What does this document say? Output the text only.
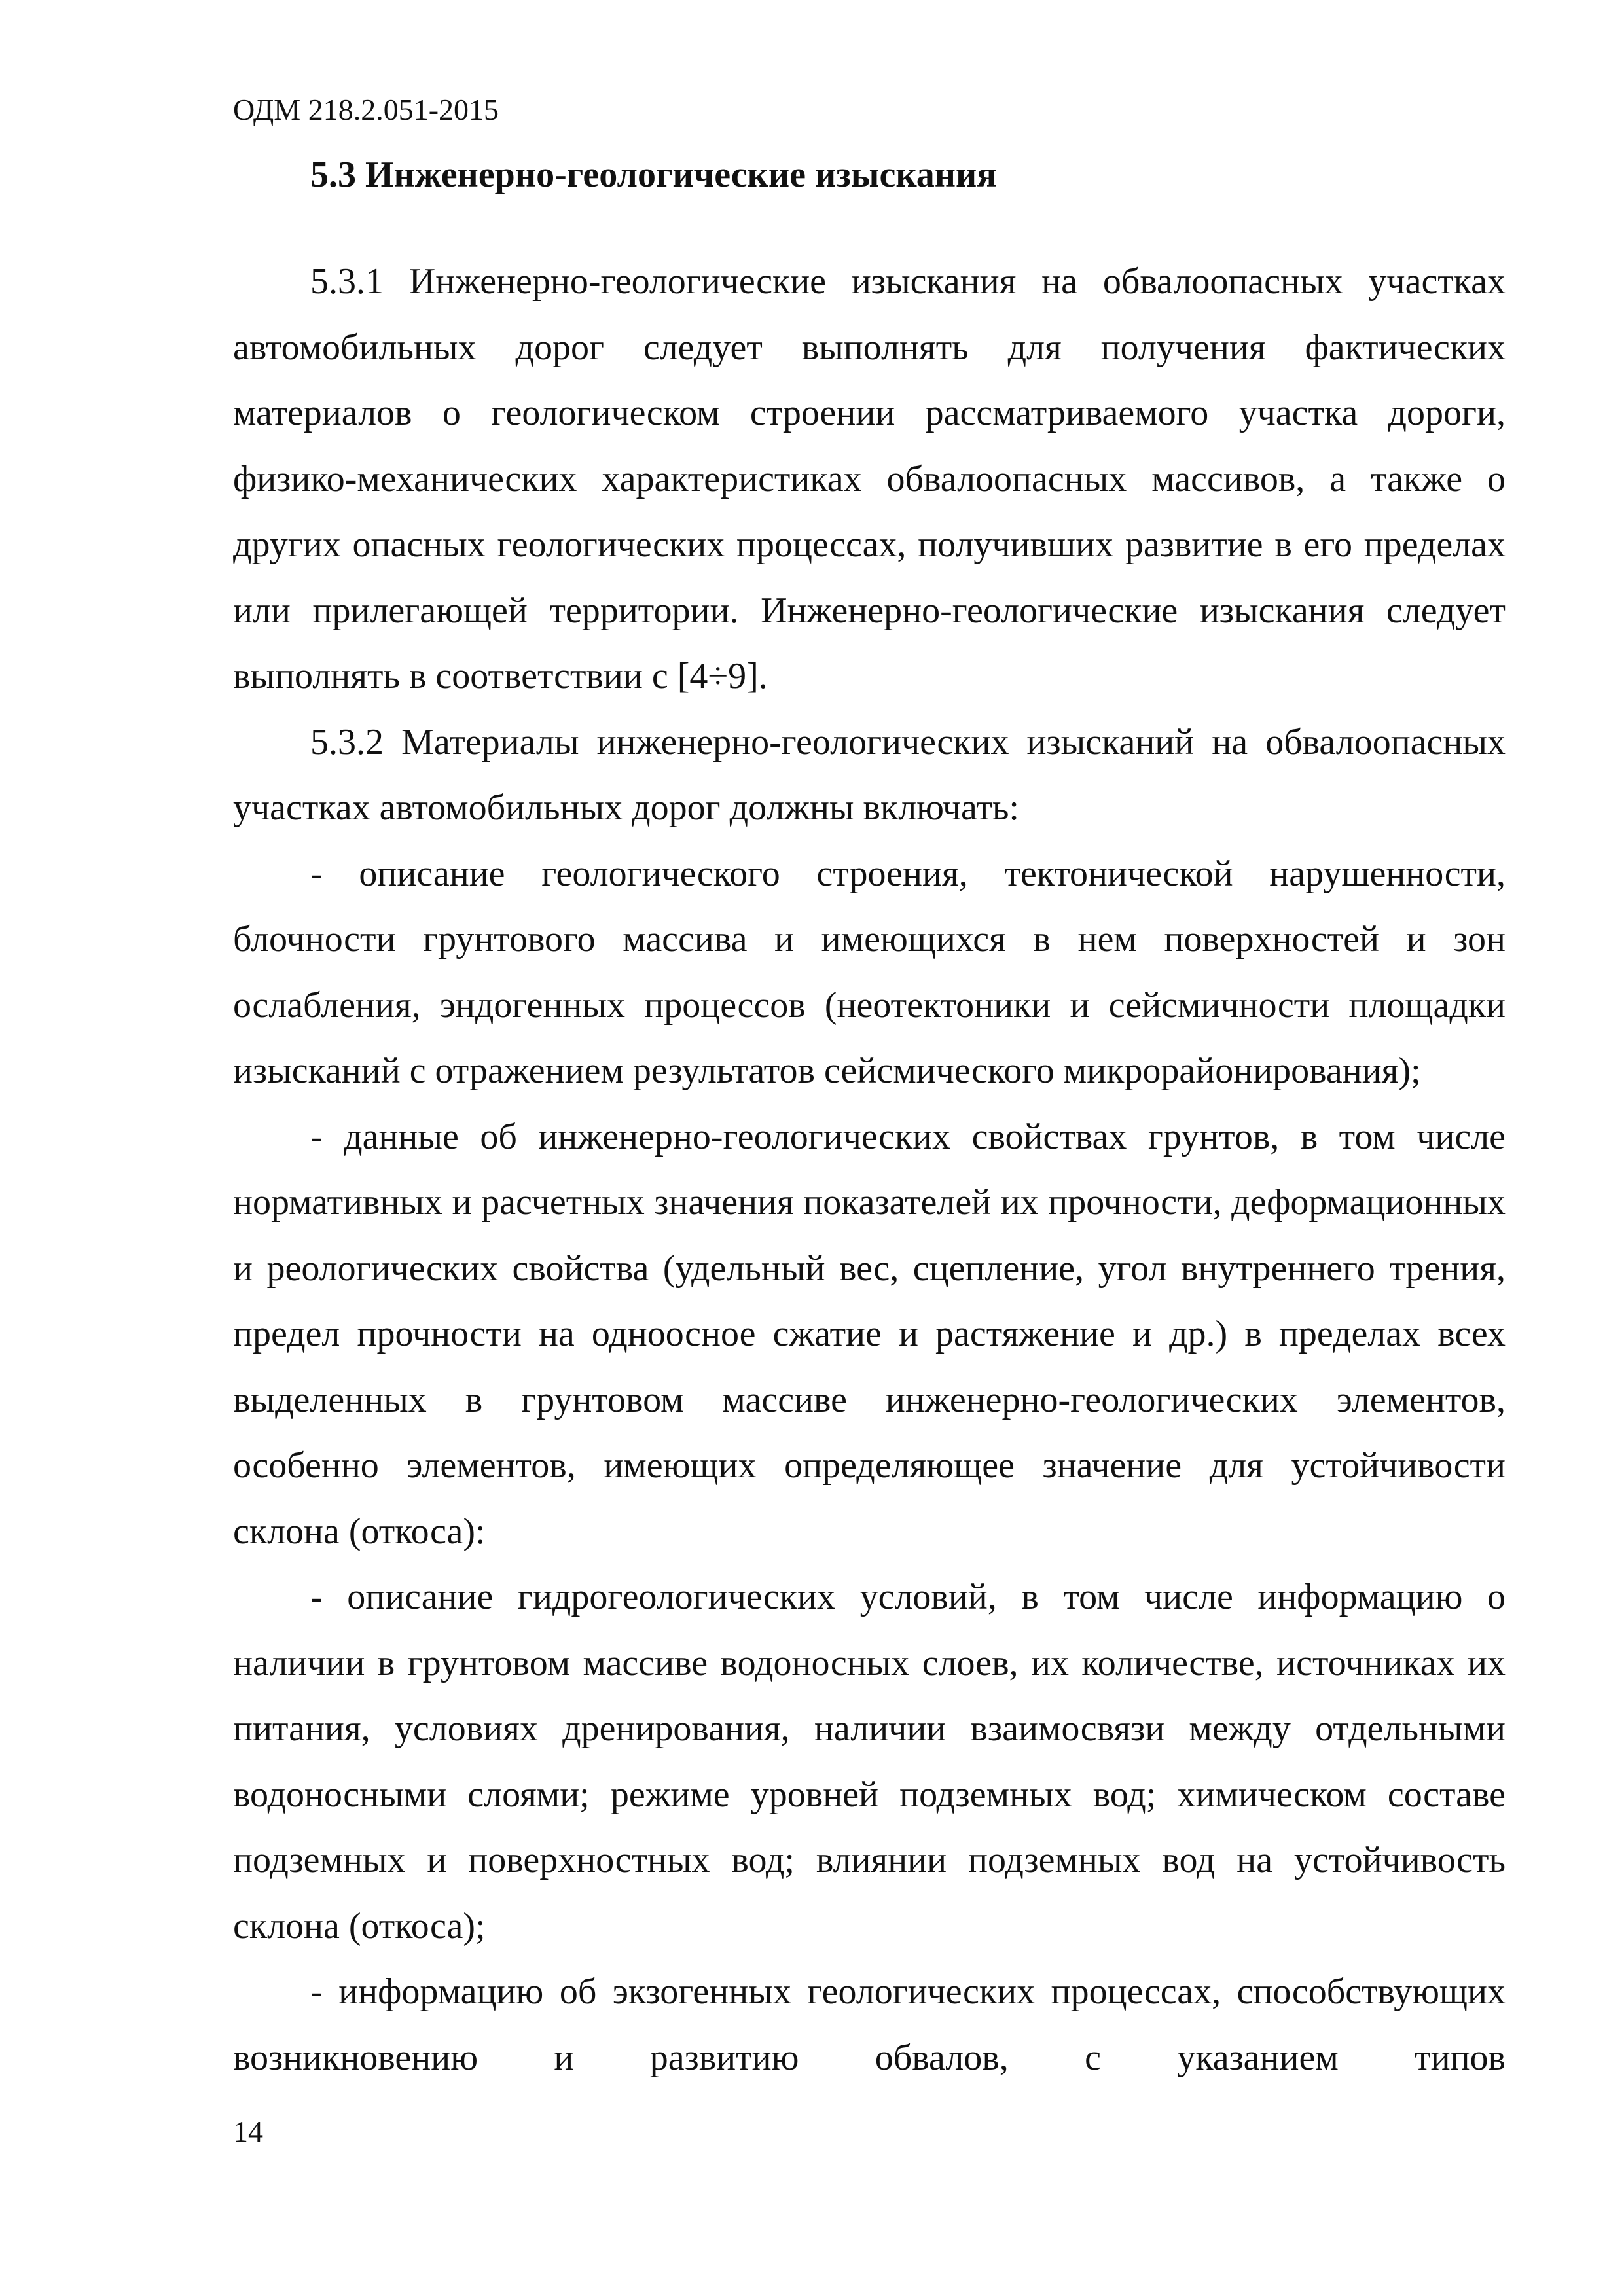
ОДМ 218.2.051-2015

5.3 Инженерно-геологические изыскания

5.3.1 Инженерно-геологические изыскания на обвалоопасных участках автомобильных дорог следует выполнять для получения фактических материалов о геологическом строении рассматриваемого участка дороги, физико-механических характеристиках обвалоопасных массивов, а также о других опасных геологических процессах, получивших развитие в его пределах или прилегающей территории. Инженерно-геологические изыскания следует выполнять в соответствии с [4÷9].

5.3.2 Материалы инженерно-геологических изысканий на обвалоопасных участках автомобильных дорог должны включать:

- описание геологического строения, тектонической нарушенности, блочности грунтового массива и имеющихся в нем поверхностей и зон ослабления, эндогенных процессов (неотектоники и сейсмичности площадки изысканий с отражением результатов сейсмического микрорайонирования);

- данные об инженерно-геологических свойствах грунтов, в том числе нормативных и расчетных значения показателей их прочности, деформационных и реологических свойства (удельный вес, сцепление, угол внутреннего трения, предел прочности на одноосное сжатие и растяжение и др.) в пределах всех выделенных в грунтовом массиве инженерно-геологических элементов, особенно элементов, имеющих определяющее значение для устойчивости склона (откоса):

- описание гидрогеологических условий, в том числе информацию о наличии в грунтовом массиве водоносных слоев, их количестве, источниках их питания, условиях дренирования, наличии взаимосвязи между отдельными водоносными слоями; режиме уровней подземных вод; химическом составе подземных и поверхностных вод; влиянии подземных вод на устойчивость склона (откоса);

- информацию об экзогенных геологических процессах, способствующих возникновению и развитию обвалов, с указанием типов

14
